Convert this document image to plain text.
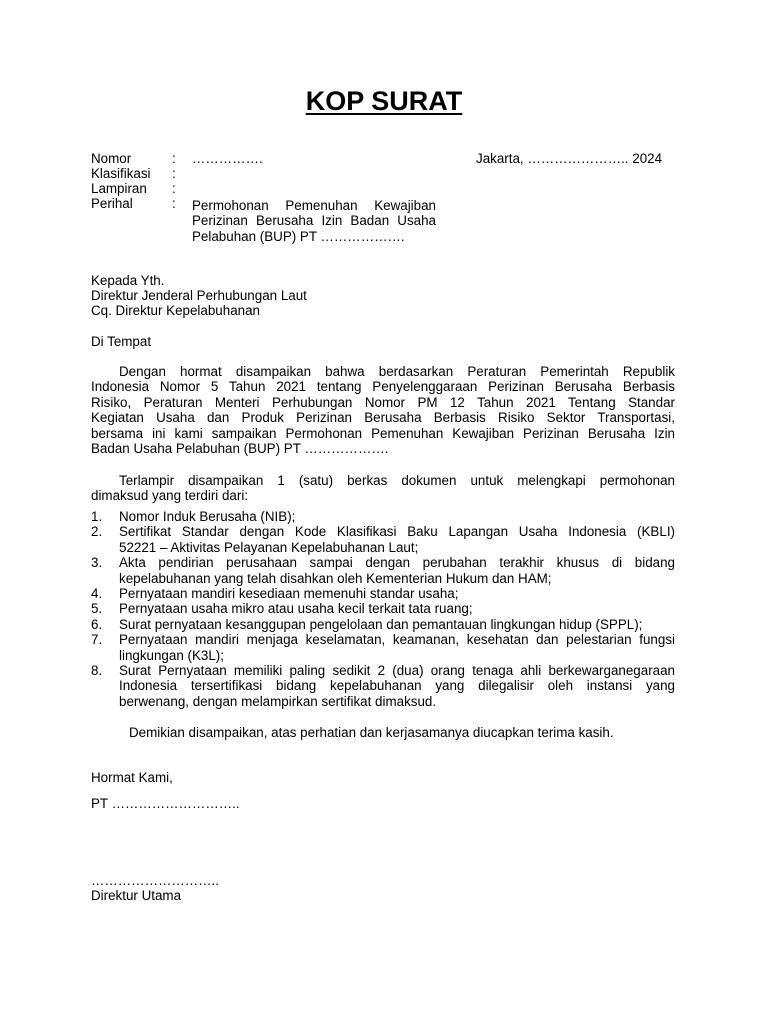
KOP SURAT
Nomor	: …………….
Klasifikasi :
Lampiran :
Perihal	: Permohonan Pemenuhan Kewajiban
Perizinan Berusaha Izin Badan Usaha
Pelabuhan (BUP) PT ……………….
Jakarta, ………………….. 2024
Kepada Yth.
Direktur Jenderal Perhubungan Laut
Cq. Direktur Kepelabuhanan
Di Tempat
Dengan hormat disampaikan bahwa berdasarkan Peraturan Pemerintah Republik
Indonesia Nomor 5 Tahun 2021 tentang Penyelenggaraan Perizinan Berusaha Berbasis
Risiko, Peraturan Menteri Perhubungan Nomor PM 12 Tahun 2021 Tentang Standar
Kegiatan Usaha dan Produk Perizinan Berusaha Berbasis Risiko Sektor Transportasi,
bersama ini kami sampaikan Permohonan Pemenuhan Kewajiban Perizinan Berusaha Izin
Badan Usaha Pelabuhan (BUP) PT ……………….
Terlampir disampaikan 1 (satu) berkas dokumen untuk melengkapi permohonan
dimaksud yang terdiri dari:
1. Nomor Induk Berusaha (NIB);
2. Sertifikat Standar dengan Kode Klasifikasi Baku Lapangan Usaha Indonesia (KBLI)
52221 – Aktivitas Pelayanan Kepelabuhanan Laut;
3. Akta pendirian perusahaan sampai dengan perubahan terakhir khusus di bidang
kepelabuhanan yang telah disahkan oleh Kementerian Hukum dan HAM;
4. Pernyataan mandiri kesediaan memenuhi standar usaha;
5. Pernyataan usaha mikro atau usaha kecil terkait tata ruang;
6. Surat pernyataan kesanggupan pengelolaan dan pemantauan lingkungan hidup (SPPL);
7. Pernyataan mandiri menjaga keselamatan, keamanan, kesehatan dan pelestarian fungsi
lingkungan (K3L);
8. Surat Pernyataan memiliki paling sedikit 2 (dua) orang tenaga ahli berkewarganegaraan
Indonesia tersertifikasi bidang kepelabuhanan yang dilegalisir oleh instansi yang
berwenang, dengan melampirkan sertifikat dimaksud.
Demikian disampaikan, atas perhatian dan kerjasamanya diucapkan terima kasih.
Hormat Kami,
PT ………………………..
………………………..
Direktur Utama
